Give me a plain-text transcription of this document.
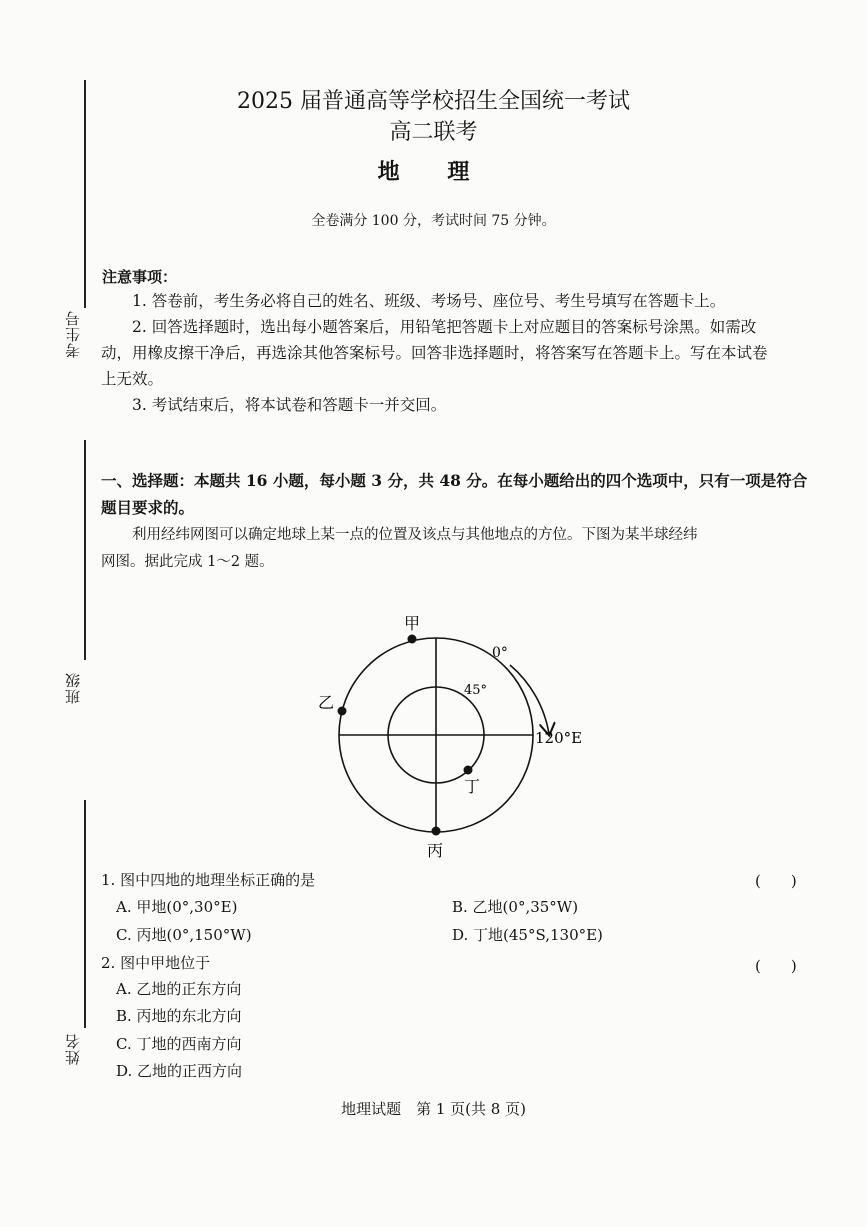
考生号
班级
姓名
2025 届普通高等学校招生全国统一考试
高二联考
地 理
全卷满分 100 分，考试时间 75 分钟。
注意事项：
1. 答卷前，考生务必将自己的姓名、班级、考场号、座位号、考生号填写在答题卡上。
2. 回答选择题时，选出每小题答案后，用铅笔把答题卡上对应题目的答案标号涂黑。如需改
动，用橡皮擦干净后，再选涂其他答案标号。回答非选择题时，将答案写在答题卡上。写在本试卷
上无效。
3. 考试结束后，将本试卷和答题卡一并交回。
一、选择题：本题共 16 小题，每小题 3 分，共 48 分。在每小题给出的四个选项中，只有一项是符合
题目要求的。
利用经纬网图可以确定地球上某一点的位置及该点与其他地点的方位。下图为某半球经纬
网图。据此完成 1～2 题。
甲
乙
丙
丁
0°
45°
120°E
1. 图中四地的地理坐标正确的是	(　　)
A. 甲地(0°,30°E)	B. 乙地(0°,35°W)
C. 丙地(0°,150°W)	D. 丁地(45°S,130°E)
2. 图中甲地位于	(　　)
A. 乙地的正东方向
B. 丙地的东北方向
C. 丁地的西南方向
D. 乙地的正西方向
地理试题　第 1 页(共 8 页)
